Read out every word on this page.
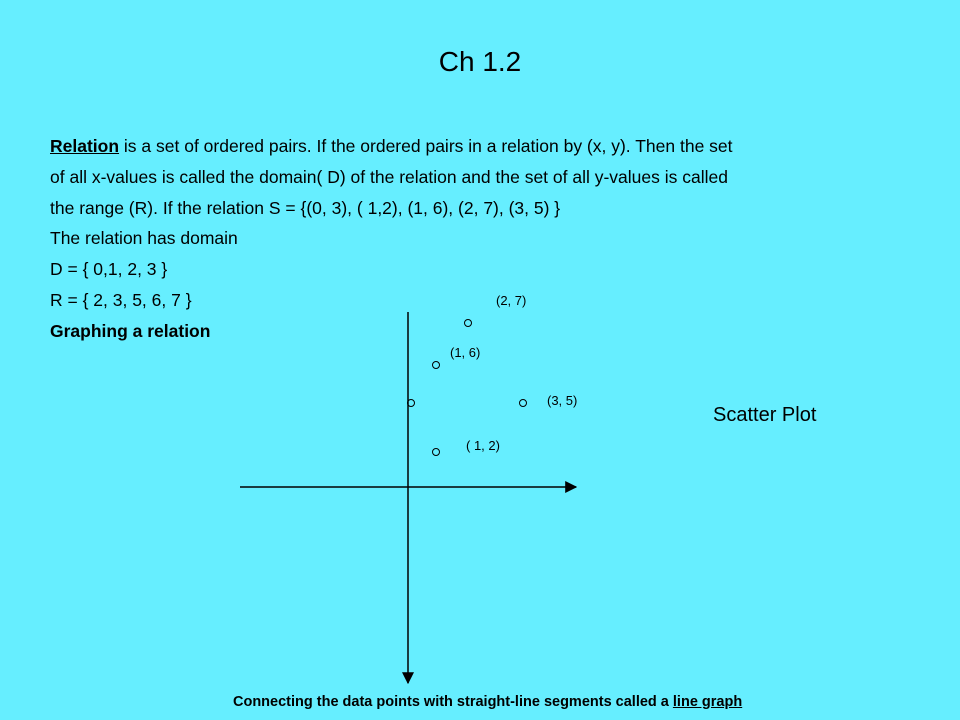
Ch 1.2
Relation is a set of ordered pairs. If the ordered pairs in a relation by (x, y). Then the set
of all x-values is called the domain( D) of the relation and the set of all y-values is called
the range (R). If the relation S = {(0, 3), ( 1,2), (1, 6), (2, 7), (3, 5) }
The relation has domain
D = { 0,1, 2, 3 }
R = { 2, 3, 5, 6, 7 }
Graphing a relation
( 1, 2)
(1, 6)
(2, 7)
(3, 5)
Scatter Plot
Connecting the data points with straight-line segments called a line graph
